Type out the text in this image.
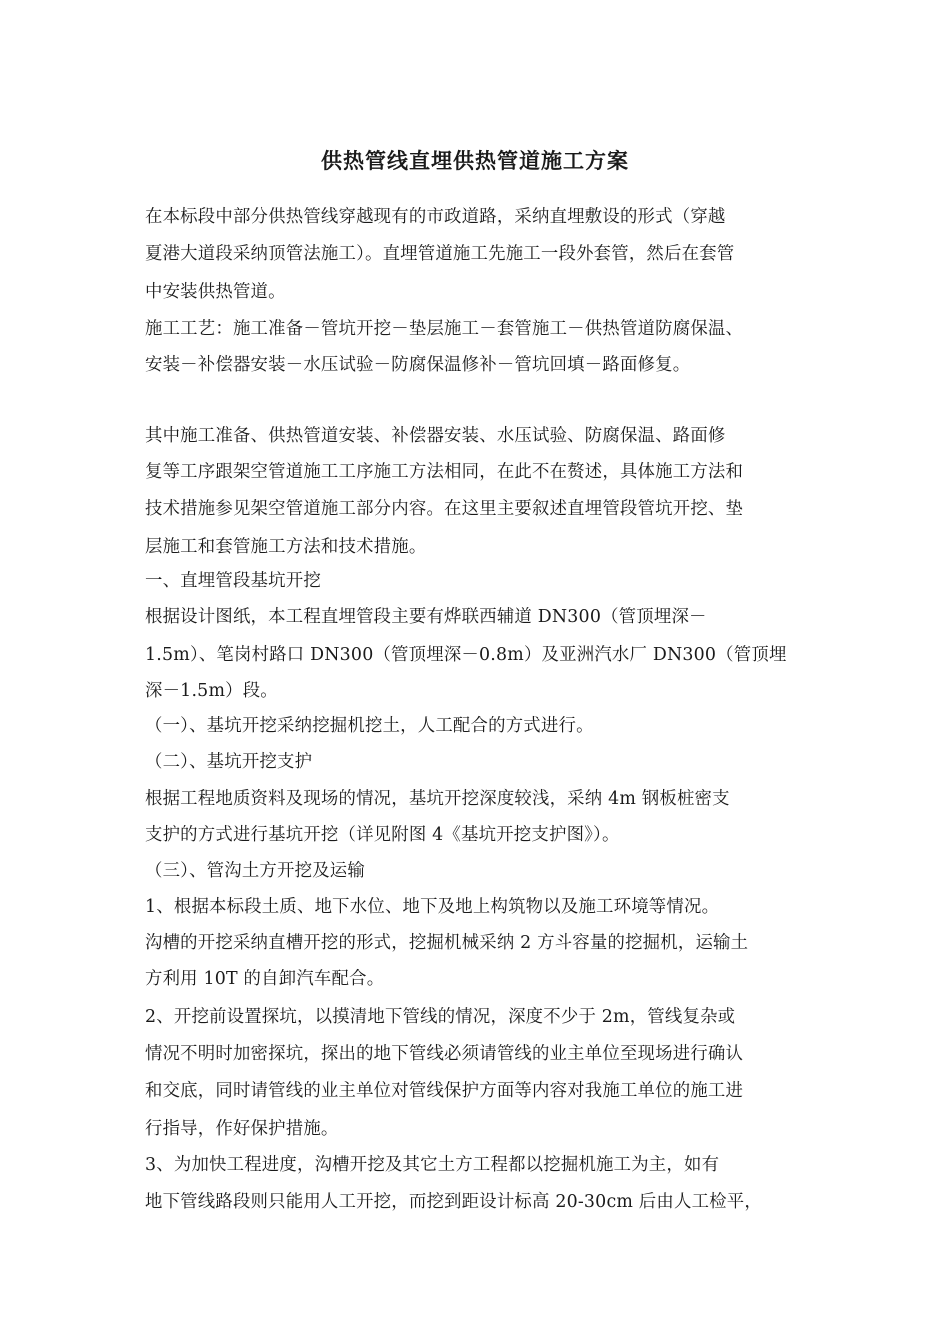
供热管线直埋供热管道施工方案
在本标段中部分供热管线穿越现有的市政道路，采纳直埋敷设的形式（穿越
夏港大道段采纳顶管法施工）。直埋管道施工先施工一段外套管，然后在套管
中安装供热管道。
施工工艺：施工准备－管坑开挖－垫层施工－套管施工－供热管道防腐保温、
安装－补偿器安装－水压试验－防腐保温修补－管坑回填－路面修复。
其中施工准备、供热管道安装、补偿器安装、水压试验、防腐保温、路面修
复等工序跟架空管道施工工序施工方法相同，在此不在赘述，具体施工方法和
技术措施参见架空管道施工部分内容。在这里主要叙述直埋管段管坑开挖、垫
层施工和套管施工方法和技术措施。
一、直埋管段基坑开挖
根据设计图纸，本工程直埋管段主要有烨联西辅道 DN300（管顶埋深－
1.5m）、笔岗村路口 DN300（管顶埋深－0.8m）及亚洲汽水厂 DN300（管顶埋
深－1.5m）段。
（一）、基坑开挖采纳挖掘机挖土，人工配合的方式进行。
（二）、基坑开挖支护
根据工程地质资料及现场的情况，基坑开挖深度较浅，采纳 4m 钢板桩密支
支护的方式进行基坑开挖（详见附图 4《基坑开挖支护图》）。
（三）、管沟土方开挖及运输
1、根据本标段土质、地下水位、地下及地上构筑物以及施工环境等情况。
沟槽的开挖采纳直槽开挖的形式，挖掘机械采纳 2 方斗容量的挖掘机，运输土
方利用 10T 的自卸汽车配合。
2、开挖前设置探坑，以摸清地下管线的情况，深度不少于 2m，管线复杂或
情况不明时加密探坑，探出的地下管线必须请管线的业主单位至现场进行确认
和交底，同时请管线的业主单位对管线保护方面等内容对我施工单位的施工进
行指导，作好保护措施。
3、为加快工程进度，沟槽开挖及其它土方工程都以挖掘机施工为主，如有
地下管线路段则只能用人工开挖，而挖到距设计标高 20-30cm 后由人工检平，
